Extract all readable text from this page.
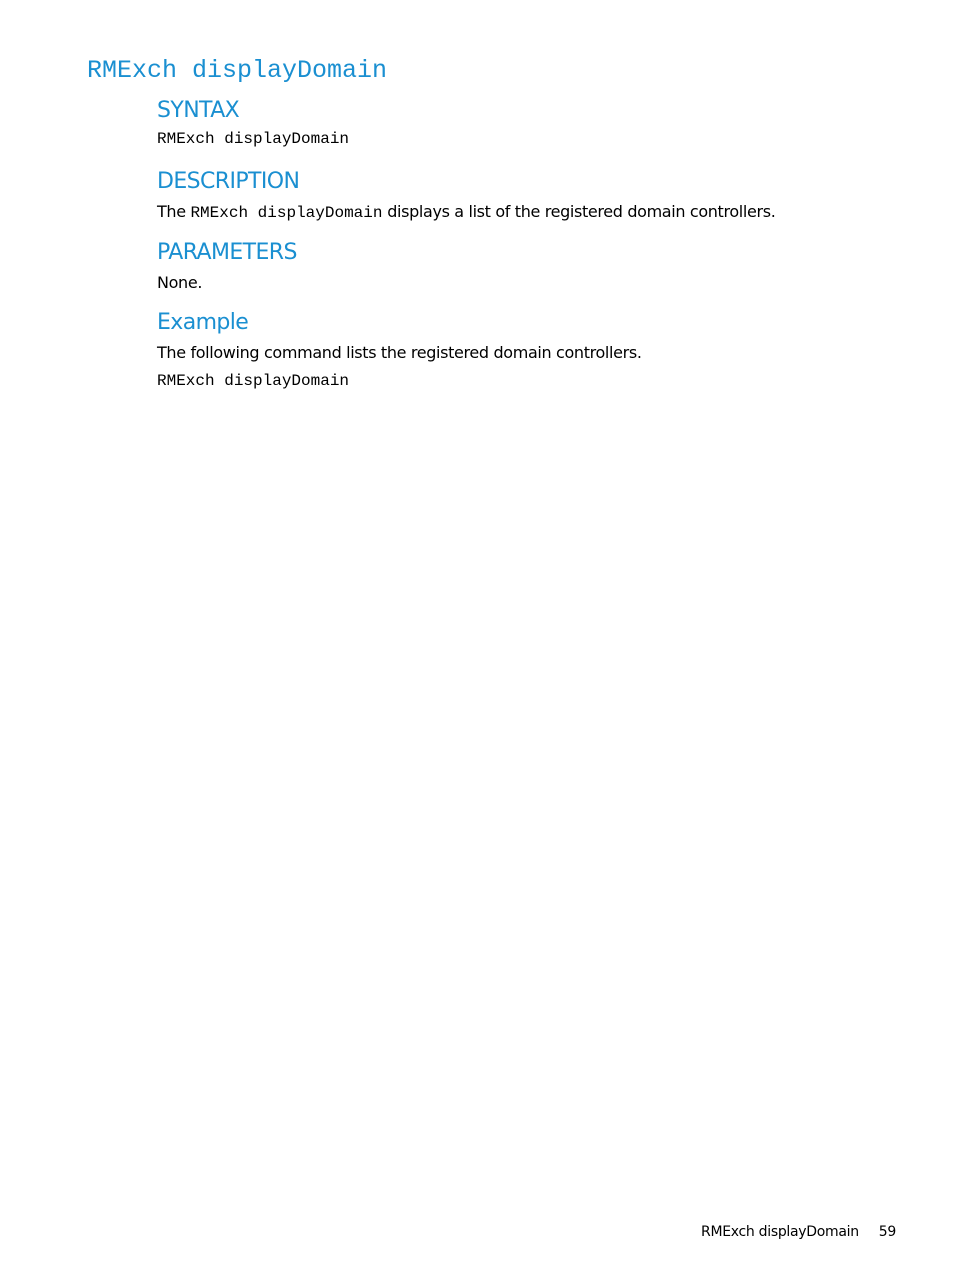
RMExch displayDomain
SYNTAX
RMExch displayDomain
DESCRIPTION

The RMExch displayDomain displays a list of the registered domain controllers.

PARAMETERS

None.

Example

The following command lists the registered domain controllers.

RMExch displayDomain
RMExch displayDomain 59
